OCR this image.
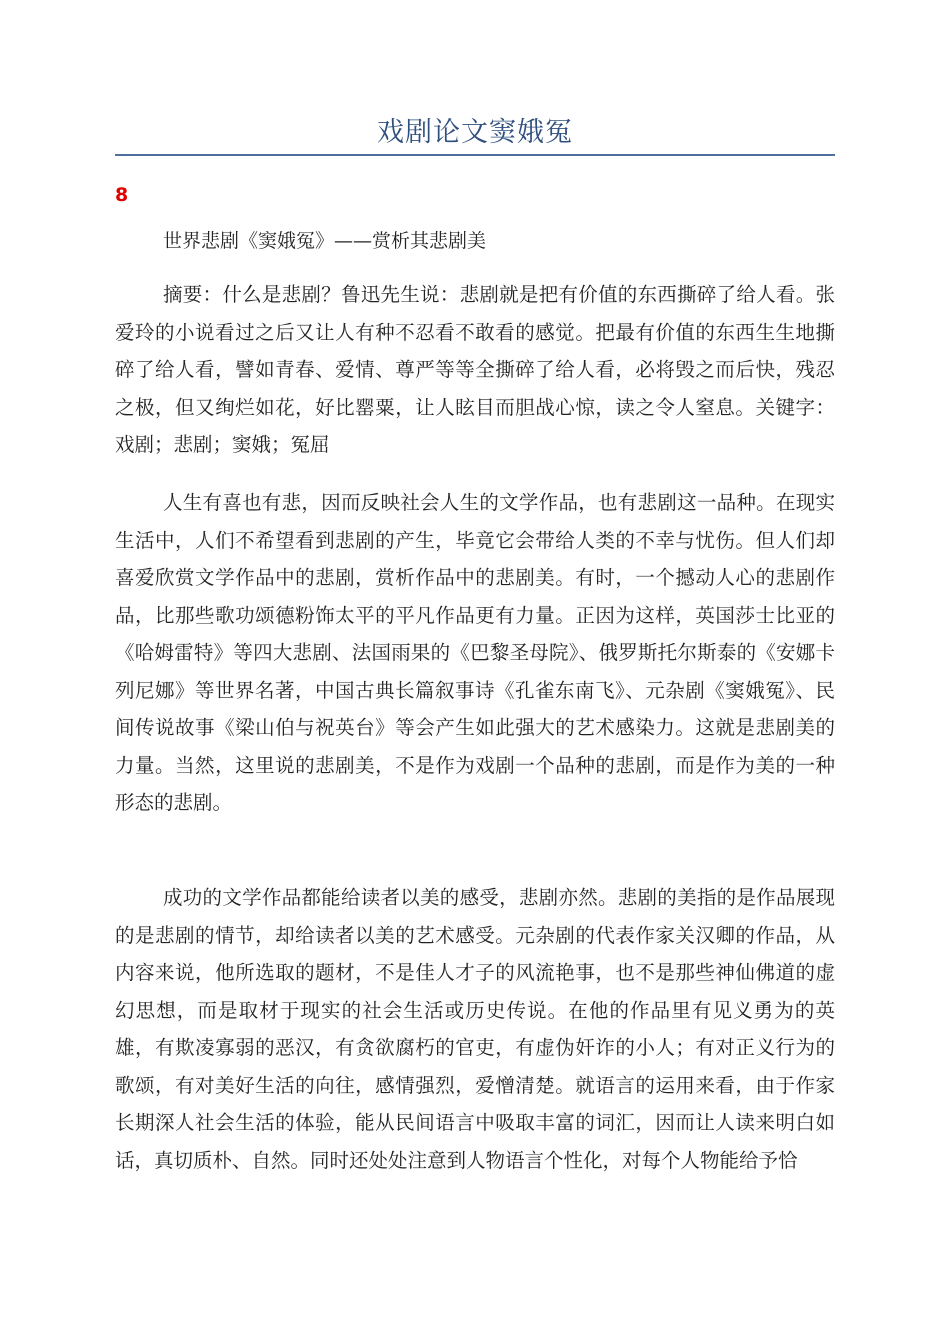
戏剧论文窦娥冤
8
世界悲剧《窦娥冤》——赏析其悲剧美

摘要：什么是悲剧？鲁迅先生说：悲剧就是把有价值的东西撕碎了给人看。张爱玲的小说看过之后又让人有种不忍看不敢看的感觉。把最有价值的东西生生地撕碎了给人看，譬如青春、爱情、尊严等等全撕碎了给人看，必将毁之而后快，残忍之极，但又绚烂如花，好比罂粟，让人眩目而胆战心惊，读之令人窒息。关键字：戏剧；悲剧；窦娥；冤屈

人生有喜也有悲，因而反映社会人生的文学作品，也有悲剧这一品种。在现实生活中，人们不希望看到悲剧的产生，毕竟它会带给人类的不幸与忧伤。但人们却喜爱欣赏文学作品中的悲剧，赏析作品中的悲剧美。有时，一个撼动人心的悲剧作品，比那些歌功颂德粉饰太平的平凡作品更有力量。正因为这样，英国莎士比亚的《哈姆雷特》等四大悲剧、法国雨果的《巴黎圣母院》、俄罗斯托尔斯泰的《安娜卡列尼娜》等世界名著，中国古典长篇叙事诗《孔雀东南飞》、元杂剧《窦娥冤》、民间传说故事《梁山伯与祝英台》等会产生如此强大的艺术感染力。这就是悲剧美的力量。当然，这里说的悲剧美，不是作为戏剧一个品种的悲剧，而是作为美的一种形态的悲剧。

成功的文学作品都能给读者以美的感受，悲剧亦然。悲剧的美指的是作品展现的是悲剧的情节，却给读者以美的艺术感受。元杂剧的代表作家关汉卿的作品，从内容来说，他所选取的题材，不是佳人才子的风流艳事，也不是那些神仙佛道的虚幻思想，而是取材于现实的社会生活或历史传说。在他的作品里有见义勇为的英雄，有欺凌寡弱的恶汉，有贪欲腐朽的官吏，有虚伪奸诈的小人；有对正义行为的歌颂，有对美好生活的向往，感情强烈，爱憎清楚。就语言的运用来看，由于作家长期深人社会生活的体验，能从民间语言中吸取丰富的词汇，因而让人读来明白如话，真切质朴、自然。同时还处处注意到人物语言个性化，对每个人物能给予恰
